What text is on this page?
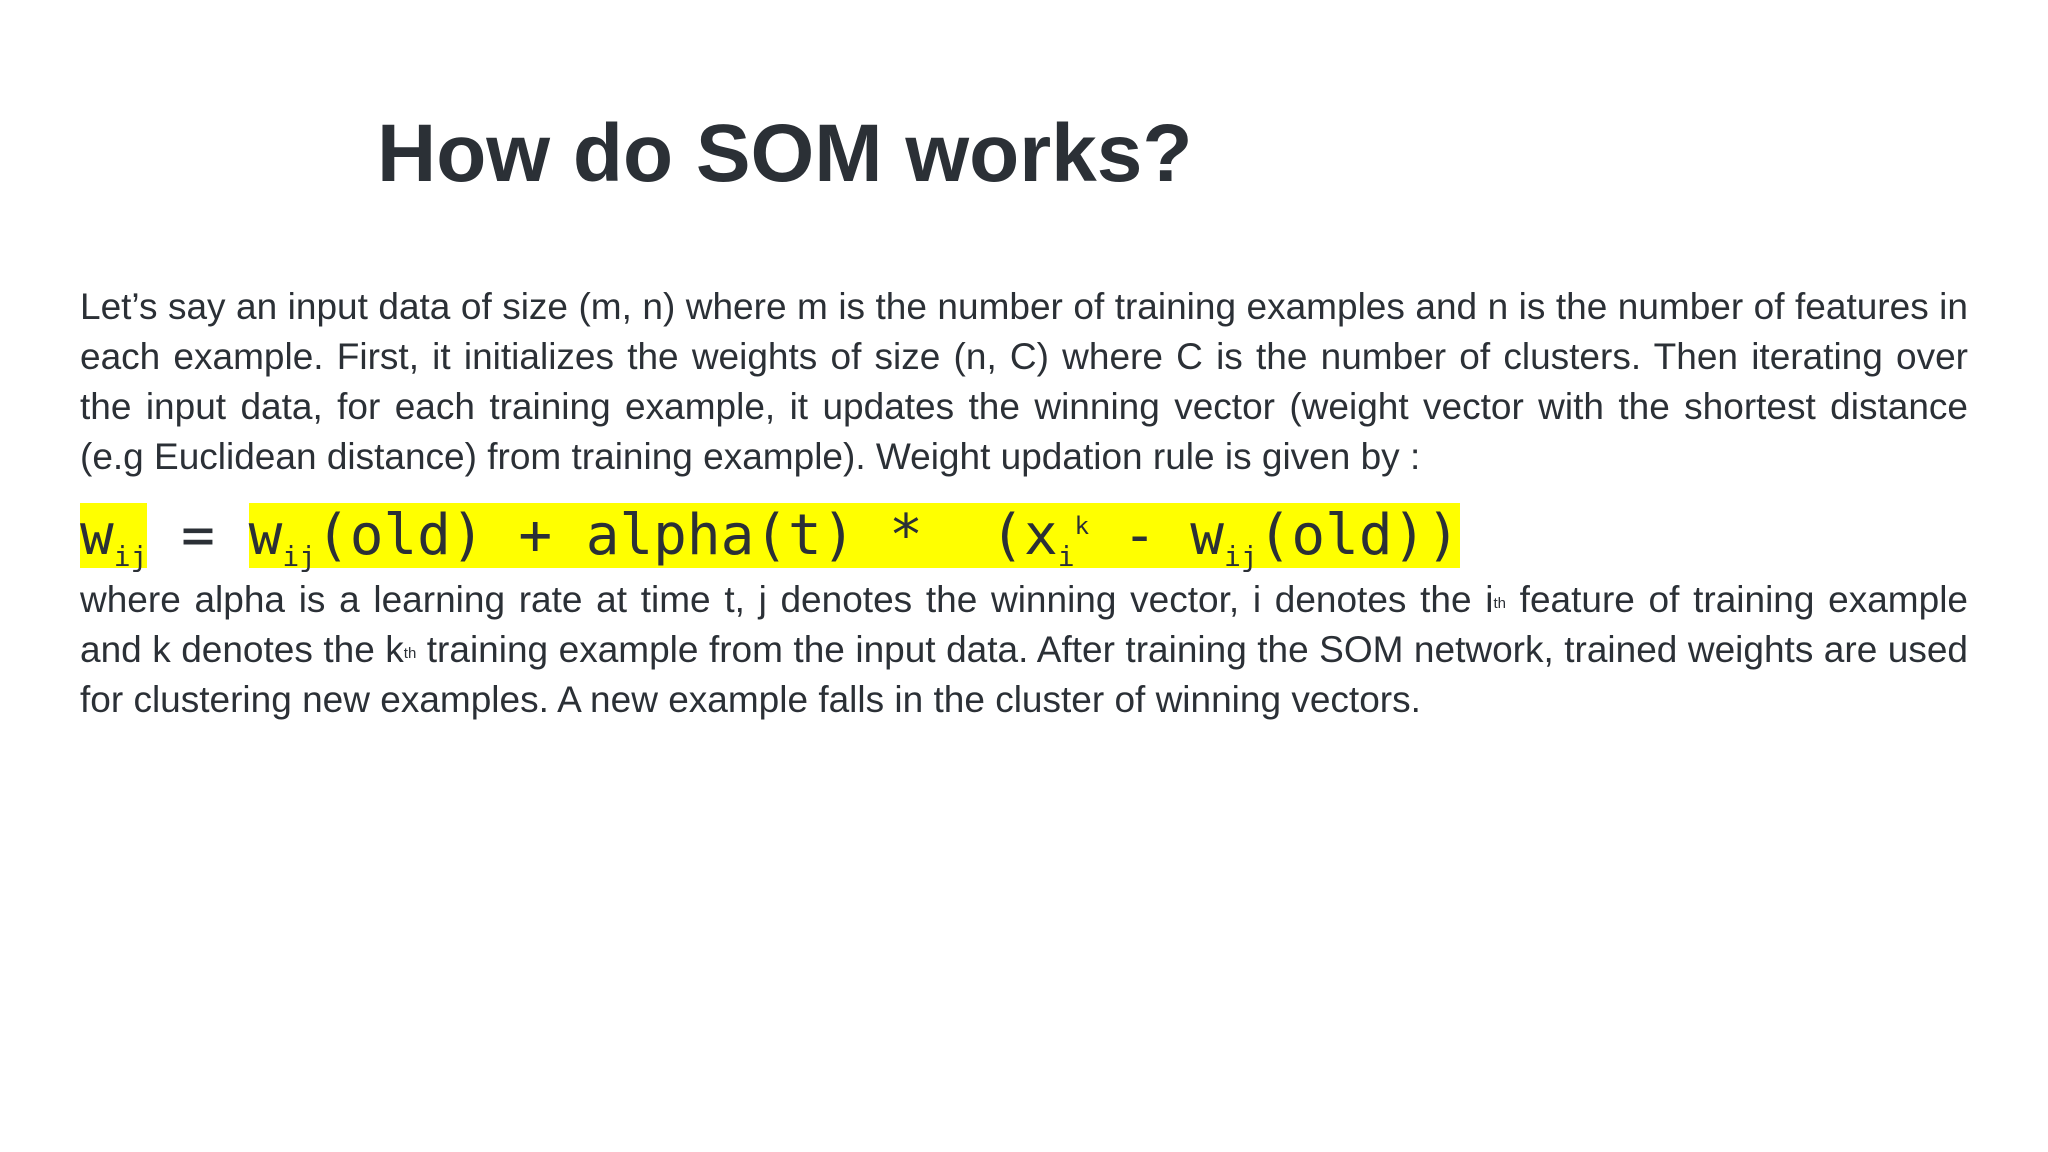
How do SOM works?

Let’s say an input data of size (m, n) where m is the number of training examples and n is the number of features in each example. First, it initializes the weights of size (n, C) where C is the number of clusters. Then iterating over the input data, for each training example, it updates the winning vector (weight vector with the shortest distance (e.g Euclidean distance) from training example). Weight updation rule is given by :

$w_{ij} = w_{ij}(old)$ + alpha(t) *  $(x_i^k - w_{ij}(old))$

where alpha is a learning rate at time t, j denotes the winning vector, i denotes the ith feature of training example and k denotes the kth training example from the input data. After training the SOM network, trained weights are used for clustering new examples. A new example falls in the cluster of winning vectors.
